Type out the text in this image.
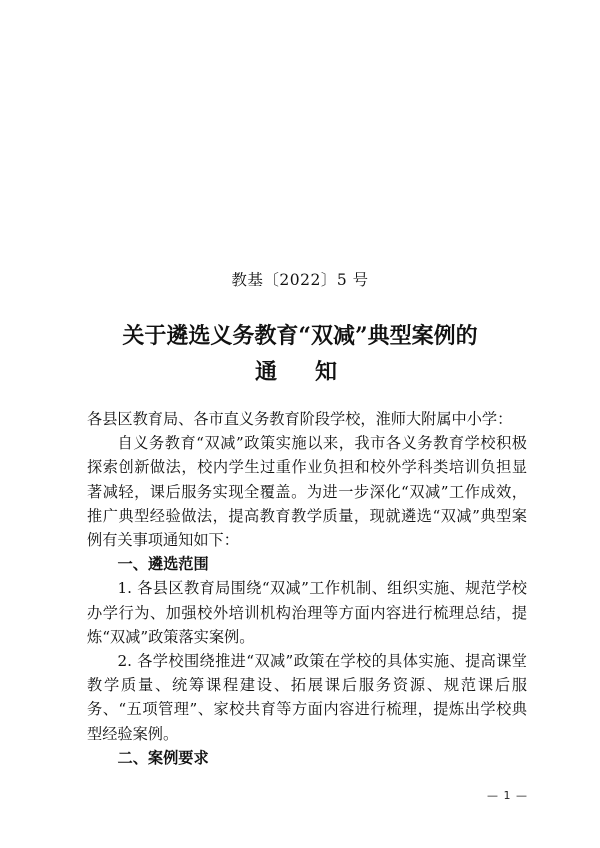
教基〔2022〕5 号
关于遴选义务教育“双减”典型案例的
通知

各县区教育局、各市直义务教育阶段学校，淮师大附属中小学：

自义务教育“双减”政策实施以来，我市各义务教育学校积极探索创新做法，校内学生过重作业负担和校外学科类培训负担显著减轻，课后服务实现全覆盖。为进一步深化“双减”工作成效，推广典型经验做法，提高教育教学质量，现就遴选“双减”典型案例有关事项通知如下：

一、遴选范围

1. 各县区教育局围绕“双减”工作机制、组织实施、规范学校办学行为、加强校外培训机构治理等方面内容进行梳理总结，提炼“双减”政策落实案例。

2. 各学校围绕推进“双减”政策在学校的具体实施、提高课堂教学质量、统筹课程建设、拓展课后服务资源、规范课后服务、“五项管理”、家校共育等方面内容进行梳理，提炼出学校典型经验案例。

二、案例要求

— 1 —
